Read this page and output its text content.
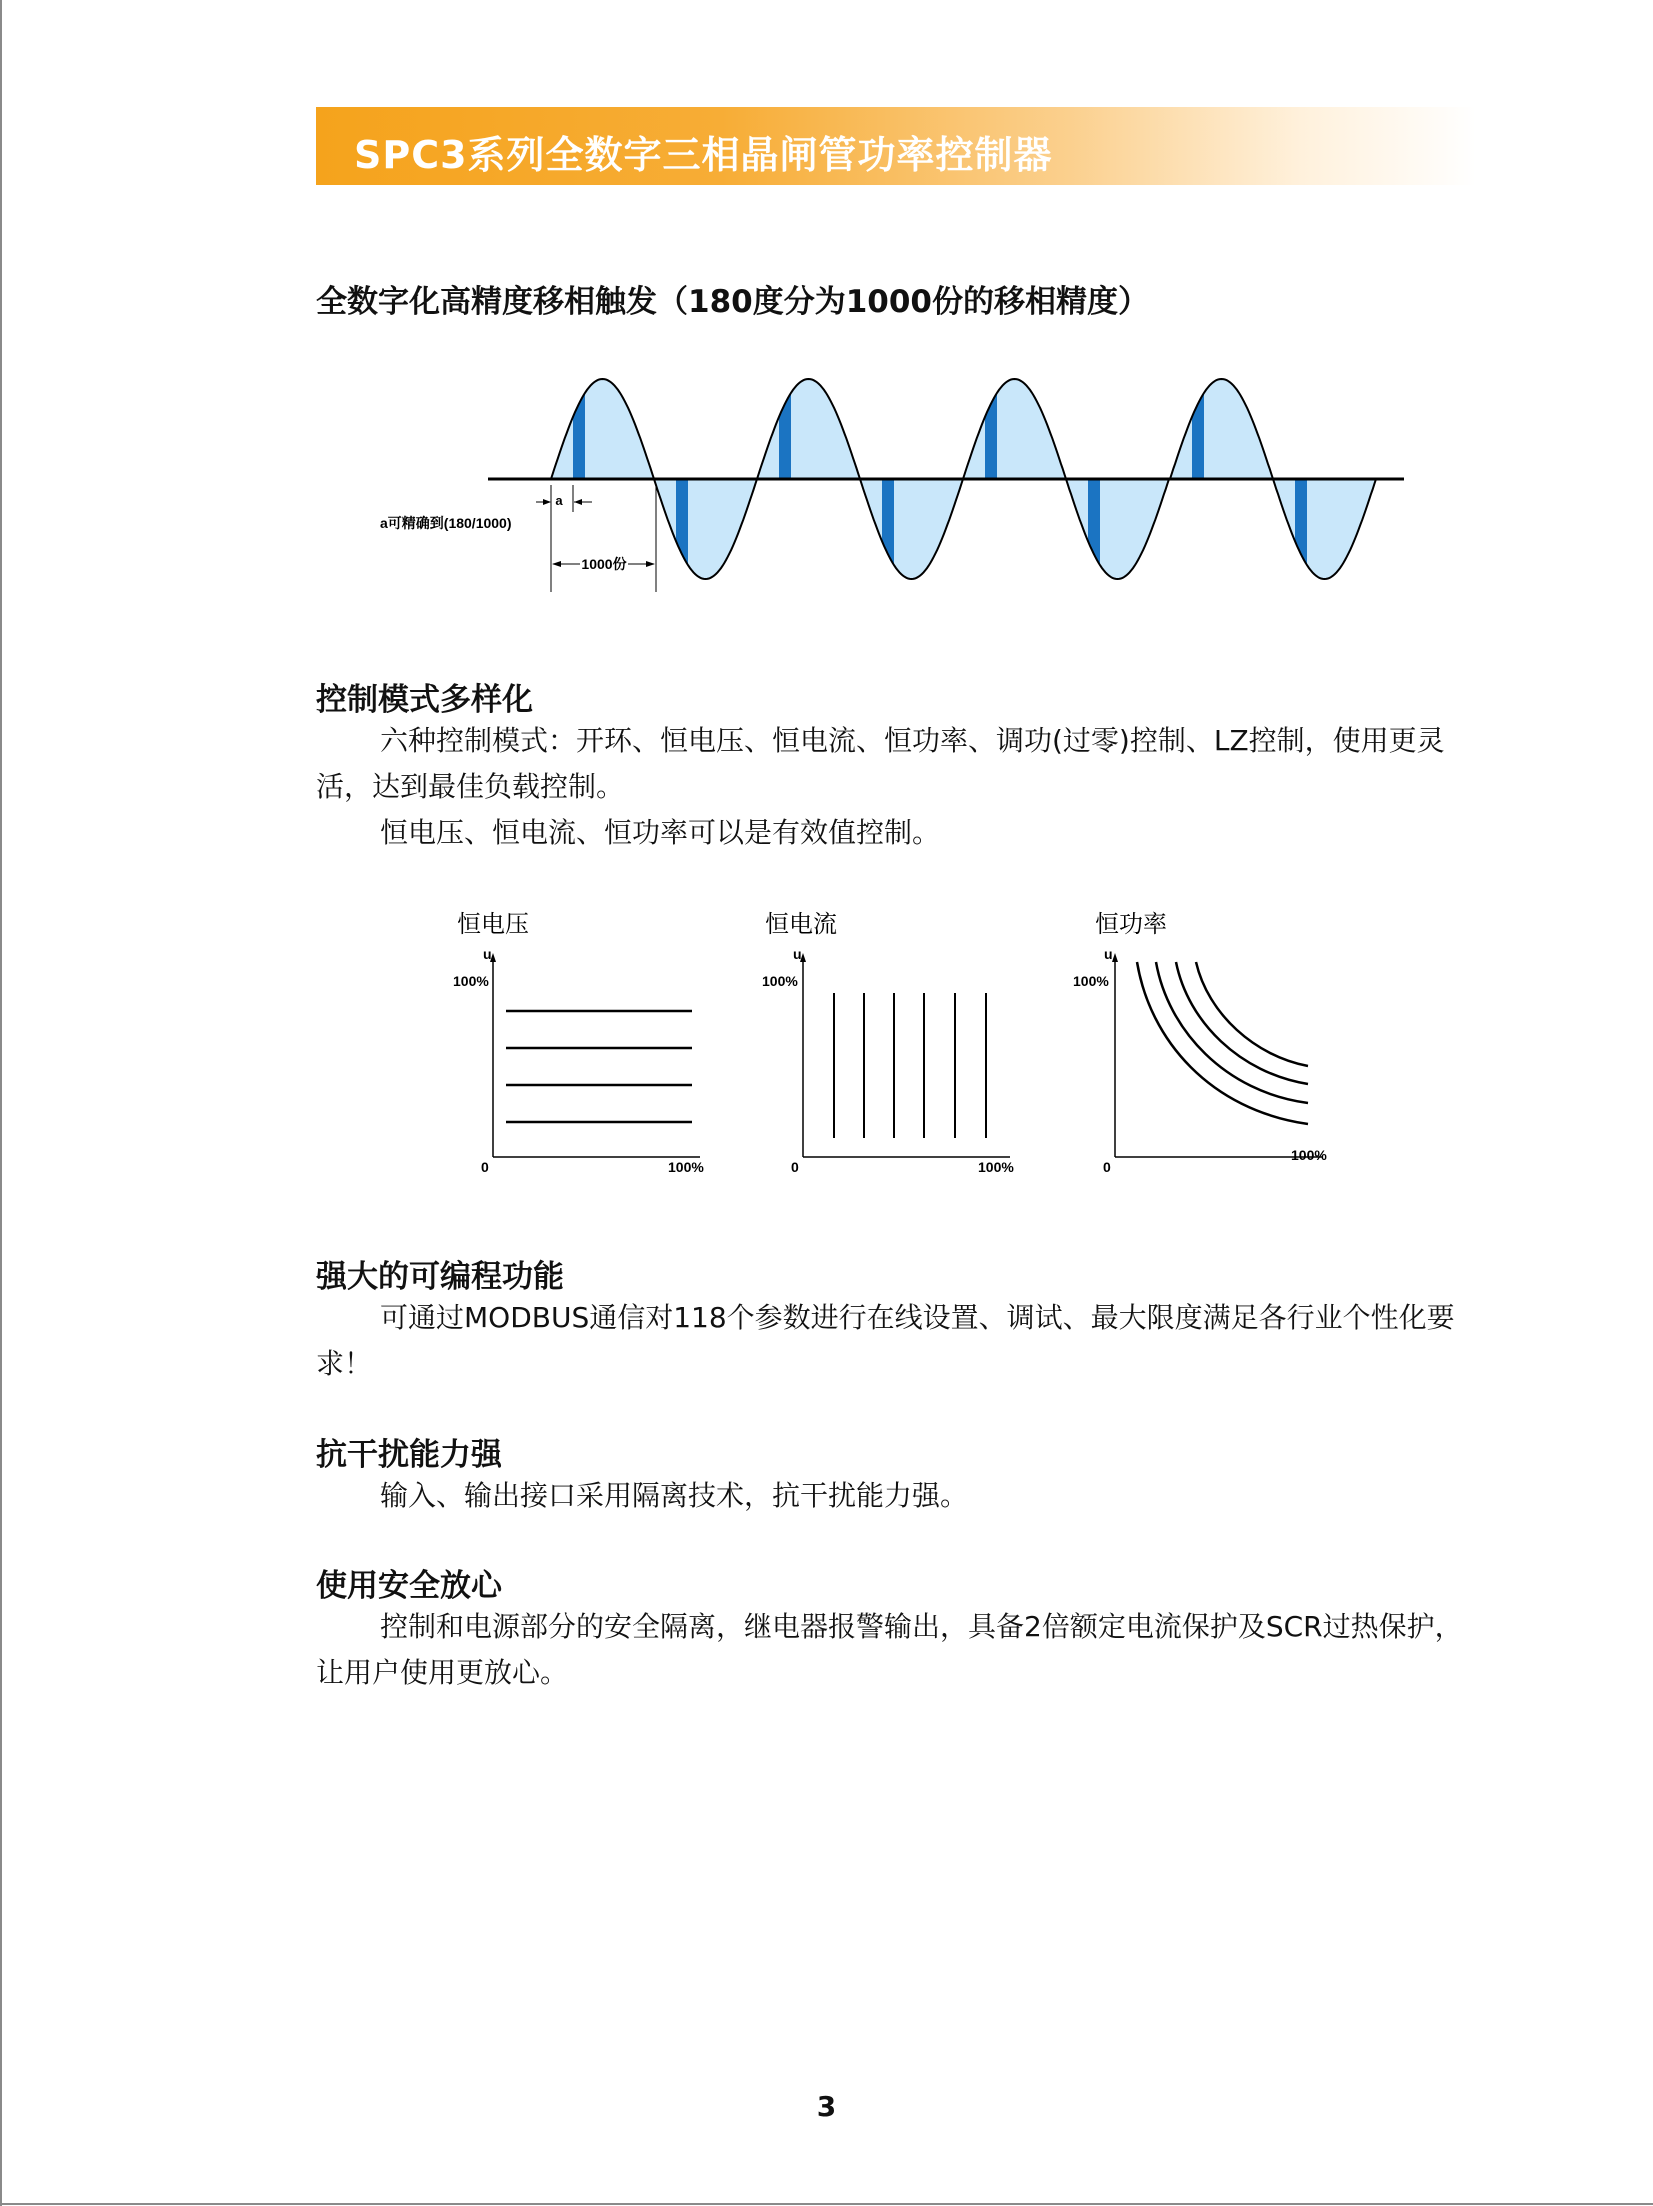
SPC3系列全数字三相晶闸管功率控制器
全数字化高精度移相触发（180度分为1000份的移相精度）
a
a可精确到(180/1000)
1000份
控制模式多样化
六种控制模式：开环、恒电压、恒电流、恒功率、调功(过零)控制、LZ控制，使用更灵活，达到最佳负载控制。
恒电压、恒电流、恒功率可以是有效值控制。
恒电压
u
100%
0	100%
恒电流
u
100%
0	100%
恒功率
u
100%
0
100%
强大的可编程功能
可通过MODBUS通信对118个参数进行在线设置、调试、最大限度满足各行业个性化要求！
抗干扰能力强
输入、输出接口采用隔离技术，抗干扰能力强。
使用安全放心
控制和电源部分的安全隔离，继电器报警输出，具备2倍额定电流保护及SCR过热保护，让用户使用更放心。
3
